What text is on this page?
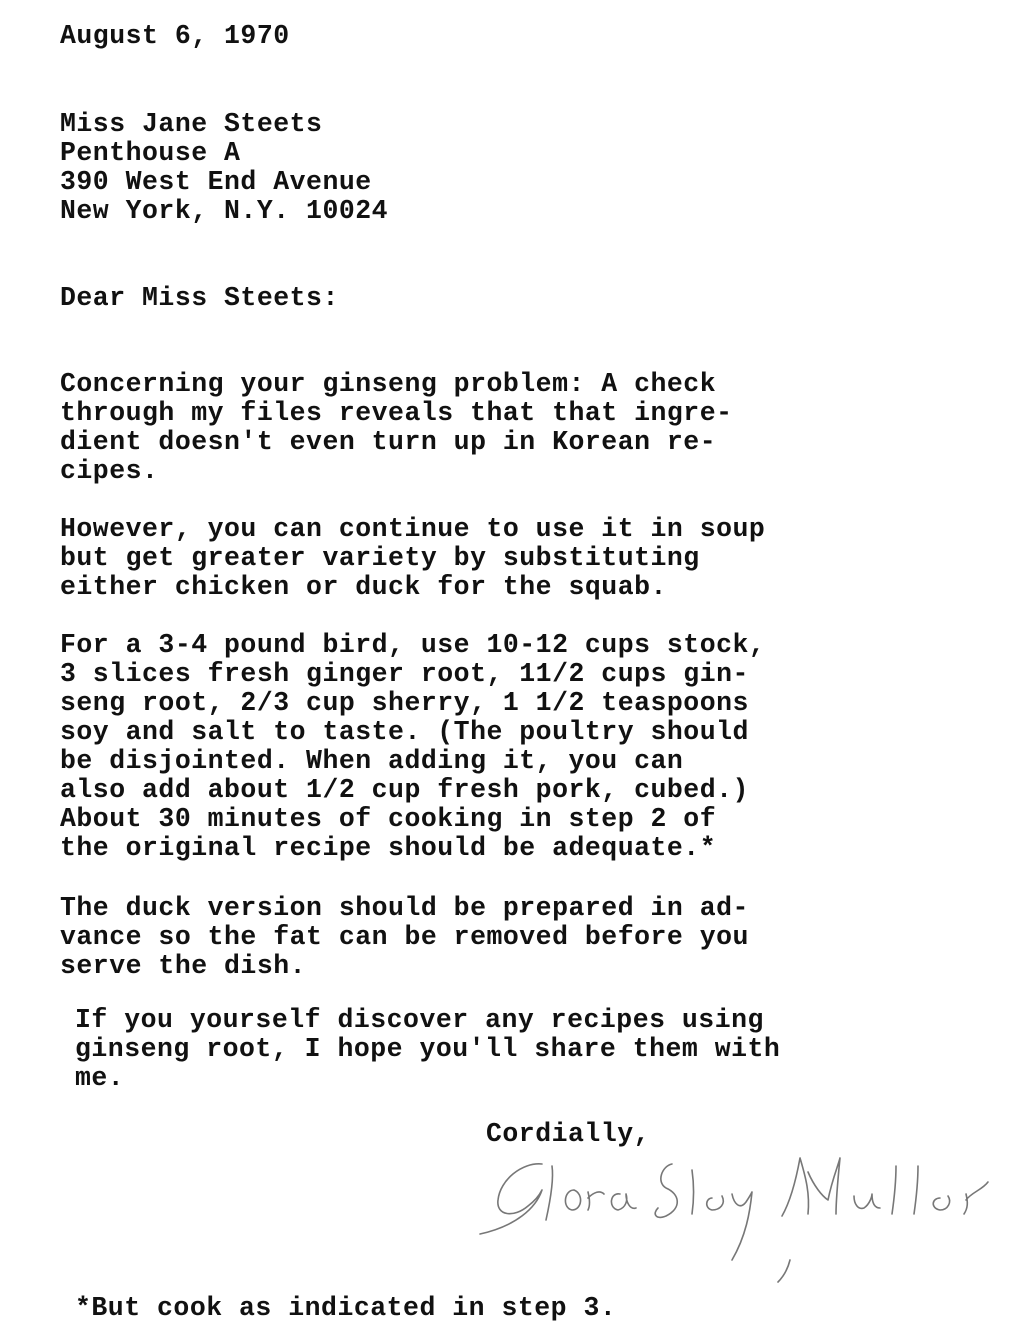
August 6, 1970

Miss Jane Steets

Penthouse A

390 West End Avenue

New York, N.Y. 10024

Dear Miss Steets:

Concerning your ginseng problem: A check
through my files reveals that that ingre-
dient doesn't even turn up in Korean re-
cipes.

However, you can continue to use it in soup
but get greater variety by substituting
either chicken or duck for the squab.

For a 3-4 pound bird, use 10-12 cups stock,
3 slices fresh ginger root, 11/2 cups gin-
seng root, 2/3 cup sherry, 1 1/2 teaspoons
soy and salt to taste. (The poultry should
be disjointed. When adding it, you can
also add about 1/2 cup fresh pork, cubed.)
About 30 minutes of cooking in step 2 of
the original recipe should be adequate.*

The duck version should be prepared in ad-
vance so the fat can be removed before you
serve the dish.

If you yourself discover any recipes using
ginseng root, I hope you'll share them with
me.

Cordially,

*But cook as indicated in step 3.
